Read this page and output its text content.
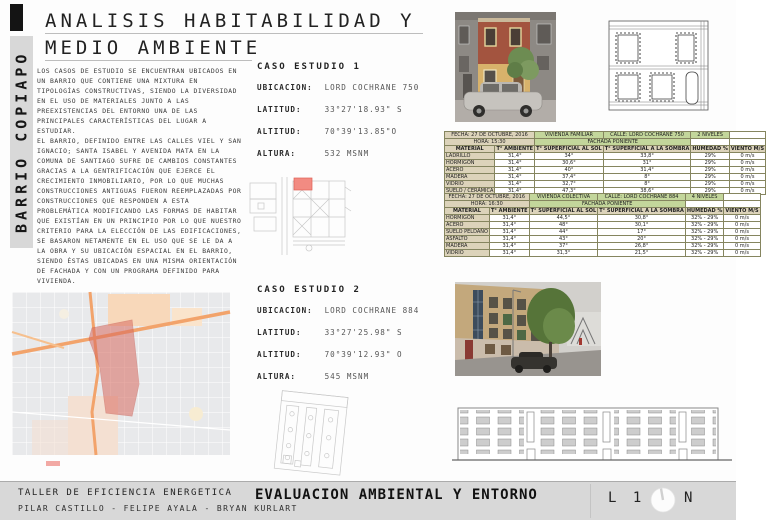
BARRIO COPIAPO
ANALISIS HABITABILIDAD Y
MEDIO AMBIENTE

LOS CASOS DE ESTUDIO SE ENCUENTRAN UBICADOS EN UN BARRIO QUE CONTIENE UNA MIXTURA EN TIPOLOGÍAS CONSTRUCTIVAS, SIENDO LA DIVERSIDAD EN EL USO DE MATERIALES JUNTO A LAS PREEXISTENCIAS DEL ENTORNO UNA DE LAS PRINCIPALES CARACTERÍSTICAS DEL LUGAR A ESTUDIAR.

EL BARRIO, DEFINIDO ENTRE LAS CALLES VIEL Y SAN IGNACIO; SANTA ISABEL Y AVENIDA MATA EN LA COMUNA DE SANTIAGO SUFRE DE CAMBIOS CONSTANTES GRACIAS A LA GENTRIFICACIÓN QUE EJERCE EL CRECIMIENTO INMOBILIARIO, POR LO QUE MUCHAS CONSTRUCCIONES ANTIGUAS FUERON REEMPLAZADAS POR CONSTRUCCIONES QUE RESPONDEN A ESTA PROBLEMÁTICA MODIFICANDO LAS FORMAS DE HABITAR QUE EXISTÍAN EN UN PRINCIPIO POR LO QUE NUESTRO CRITERIO PARA LA ELECCIÓN DE LAS EDIFICACIONES, SE BASARON NETAMENTE EN EL USO QUE SE LE DA A LA OBRA Y SU UBICACIÓN ESPACIAL EN EL BARRIO, SIENDO ÉSTAS UBICADAS EN UNA MISMA ORIENTACIÓN DE FACHADA Y CON UN PROGRAMA DEFINIDO PARA VIVIENDA.

CASO ESTUDIO 1
UBICACION: LORD COCHRANE 750
LATITUD:	33°27'18.93" S
ALTITUD:	70°39'13.85"O
ALTURA:	532 MSNM
CASO ESTUDIO 2
UBICACION: LORD COCHRANE 884
LATITUD:	33°27'25.98" S
ALTITUD:	70°39'12.93" O
ALTURA:	545 MSNM
FECHA: 27 DE OCTUBRE, 2016		VIVIENDA FAMILIAR	CALLE: LORD COCHRANE 750	2 NIVELES	
HORA: 15:30		FACHADA PONIENTE			
MATERIAL	T° AMBIENTE	T° SUPERFICIAL AL SOL	T° SUPERFICIAL A LA SOMBRA	HUMEDAD %	VIENTO M/S
LADRILLO	31,4°	34°	33,8°	29%	0 m/s
HORMIGÓN	31,4°	30,6°	31°	29%	0 m/s
ACERO	31,4°	40°	31,4°	29%	0 m/s
MADERA	31,4°	37,4°	8°	29%	0 m/s
VIDRIO	31,4°	32,7°	8°	29%	0 m/s
SUELO / CERÁMICA	31,4°	47,3°	38,6°	29%	0 m/s
FECHA: 27 DE OCTUBRE, 2016		VIVIENDA COLECTIVA	CALLE: LORD COCHRANE 884	4 NIVELES	
HORA: 16:30		FACHADA PONIENTE			
MATERIAL	T° AMBIENTE	T° SUPERFICIAL AL SOL	T° SUPERFICIAL A LA SOMBRA	HUMEDAD %	VIENTO M/S
HORMIGÓN	31,4°	44,5°	30,8°	32% - 29%	0 m/s
ACERO	31,4°	48°	30,1°	32% - 29%	0 m/s
SUELO PELDAÑO	31,4°	44°	17°	32% - 29%	0 m/s
ASFALTO	31,4°	43°	20°	32% - 29%	0 m/s
MADERA	31,4°	37°	26,8°	32% - 29%	0 m/s
VIDRIO	31,4°	31,3°	21,5°	32% - 29%	0 m/s
TALLER DE EFICIENCIA ENERGETICA
PILAR CASTILLO - FELIPE AYALA - BRYAN KURLART
EVALUACION AMBIENTAL Y ENTORNO	L 1	N
